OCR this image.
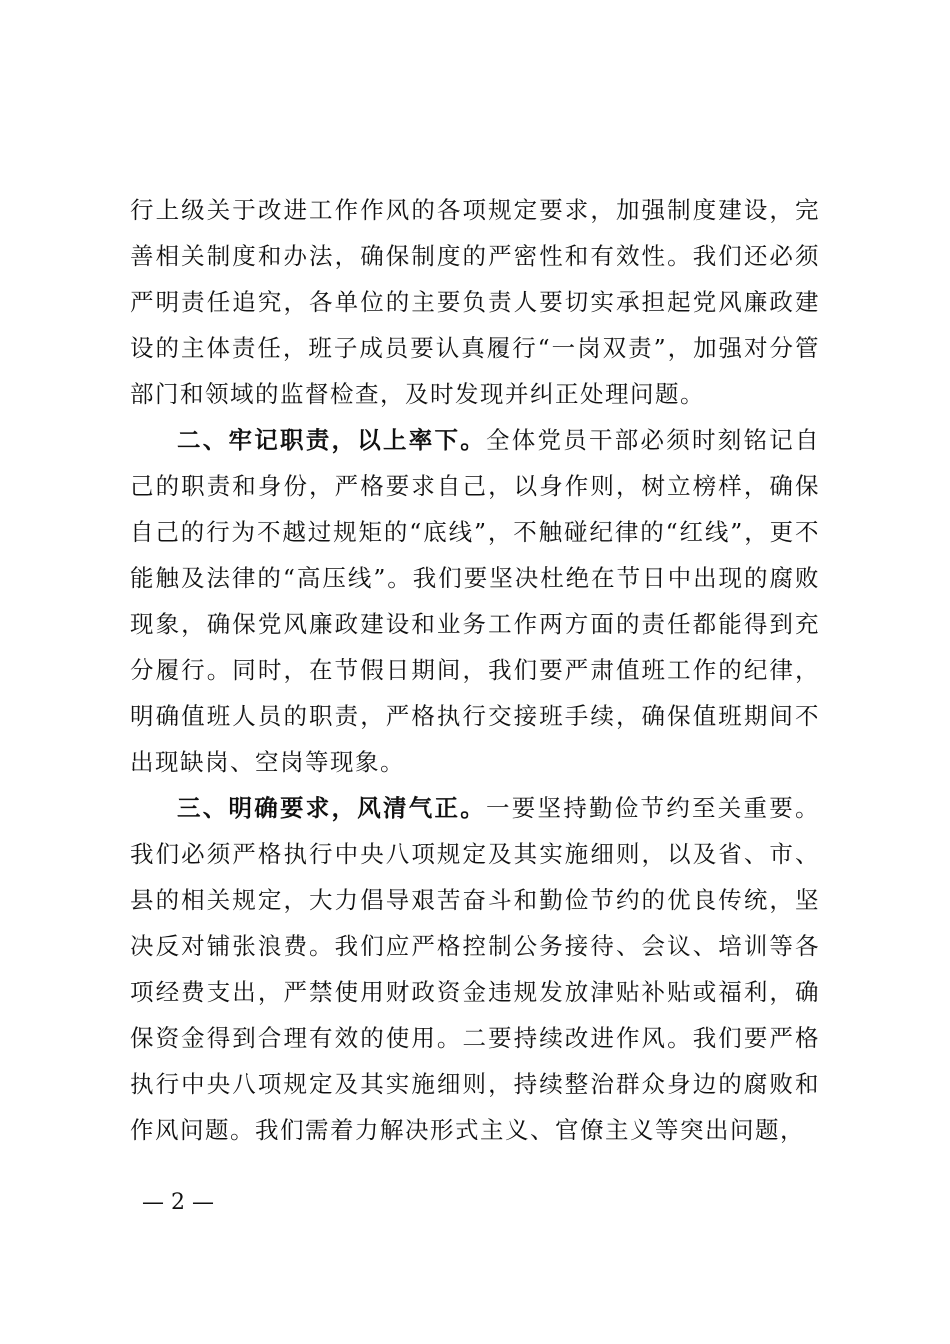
行上级关于改进工作作风的各项规定要求，加强制度建设，完善相关制度和办法，确保制度的严密性和有效性。我们还必须严明责任追究，各单位的主要负责人要切实承担起党风廉政建设的主体责任，班子成员要认真履行“一岗双责”，加强对分管部门和领域的监督检查，及时发现并纠正处理问题。

二、牢记职责，以上率下。全体党员干部必须时刻铭记自己的职责和身份，严格要求自己，以身作则，树立榜样，确保自己的行为不越过规矩的“底线”，不触碰纪律的“红线”，更不能触及法律的“高压线”。我们要坚决杜绝在节日中出现的腐败现象，确保党风廉政建设和业务工作两方面的责任都能得到充分履行。同时，在节假日期间，我们要严肃值班工作的纪律，明确值班人员的职责，严格执行交接班手续，确保值班期间不出现缺岗、空岗等现象。

三、明确要求，风清气正。一要坚持勤俭节约至关重要。我们必须严格执行中央八项规定及其实施细则，以及省、市、县的相关规定，大力倡导艰苦奋斗和勤俭节约的优良传统，坚决反对铺张浪费。我们应严格控制公务接待、会议、培训等各项经费支出，严禁使用财政资金违规发放津贴补贴或福利，确保资金得到合理有效的使用。二要持续改进作风。我们要严格执行中央八项规定及其实施细则，持续整治群众身边的腐败和作风问题。我们需着力解决形式主义、官僚主义等突出问题，

— 2 —
